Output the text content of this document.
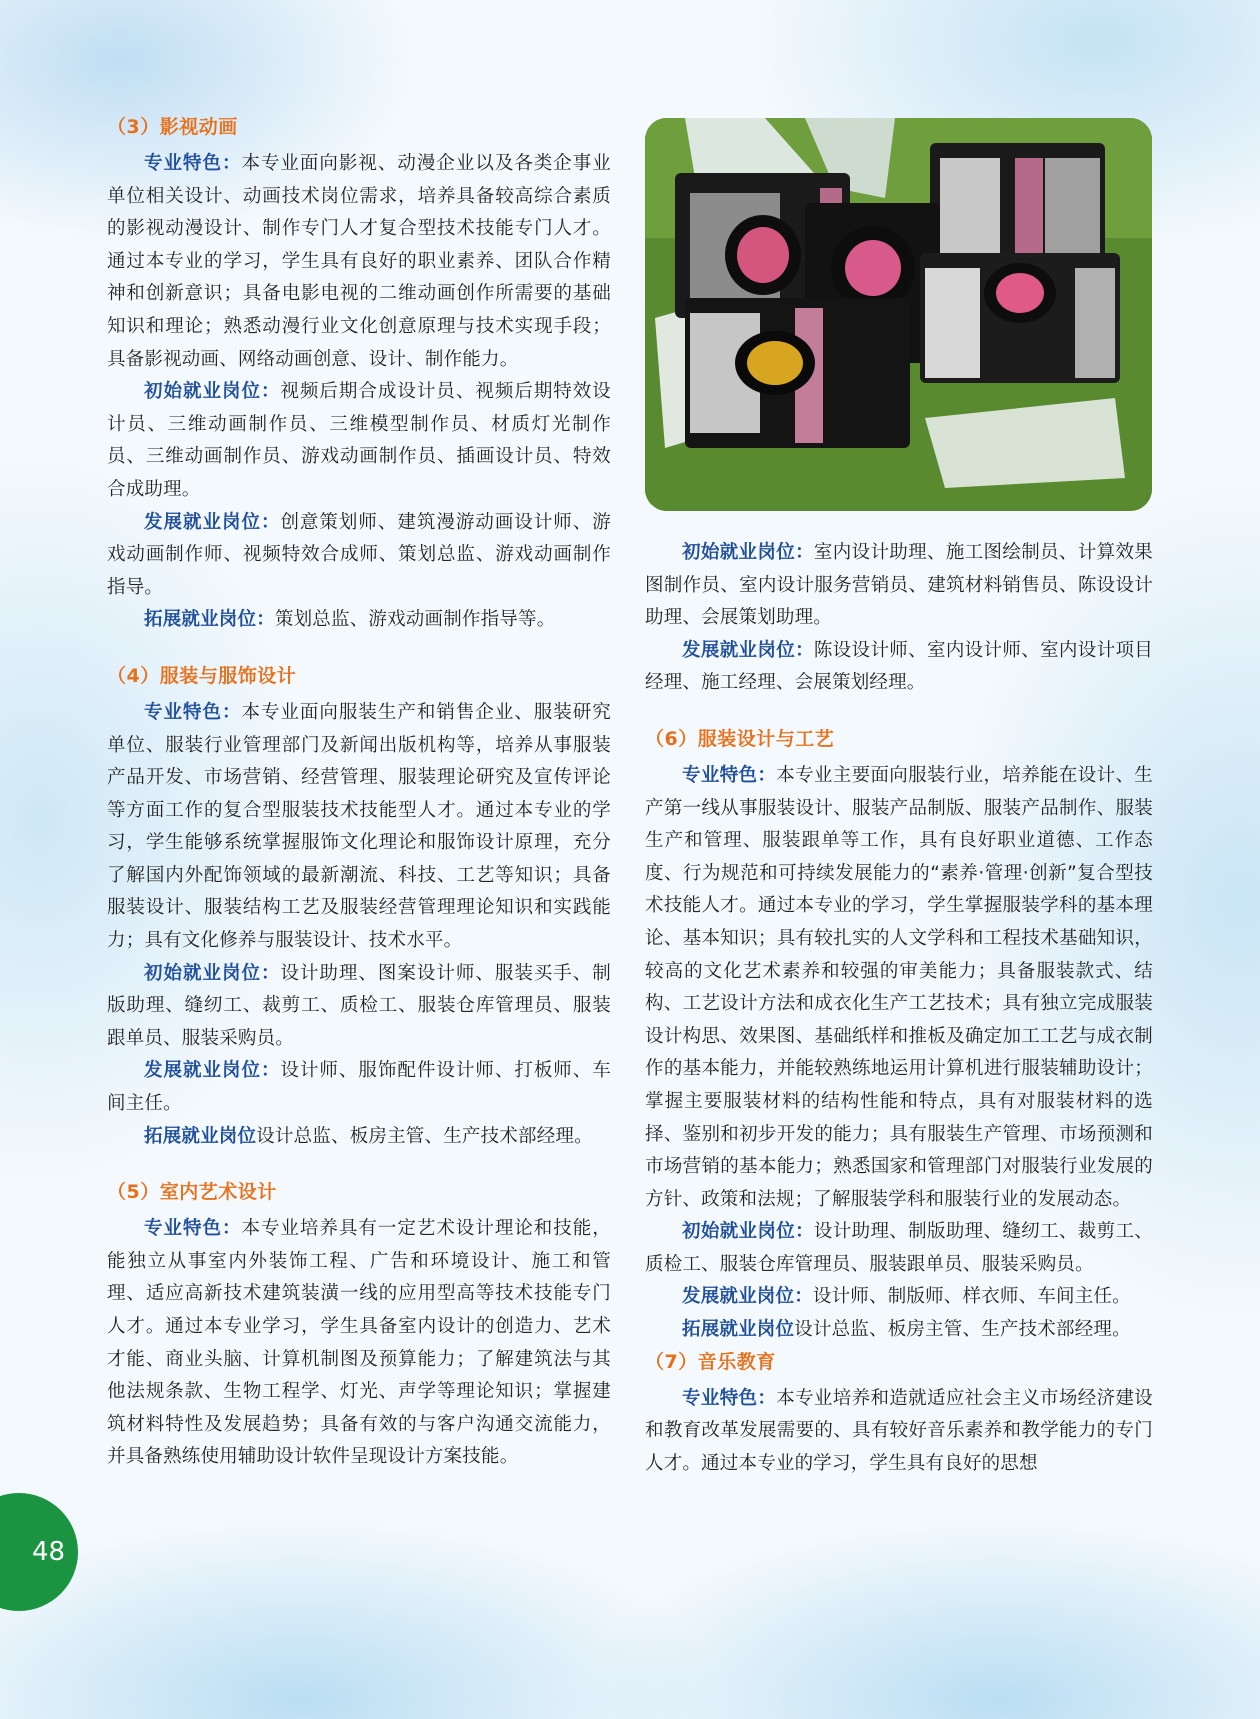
（3）影视动画

专业特色：本专业面向影视、动漫企业以及各类企事业单位相关设计、动画技术岗位需求，培养具备较高综合素质的影视动漫设计、制作专门人才复合型技术技能专门人才。通过本专业的学习，学生具有良好的职业素养、团队合作精神和创新意识；具备电影电视的二维动画创作所需要的基础知识和理论；熟悉动漫行业文化创意原理与技术实现手段；具备影视动画、网络动画创意、设计、制作能力。

初始就业岗位：视频后期合成设计员、视频后期特效设计员、三维动画制作员、三维模型制作员、材质灯光制作员、三维动画制作员、游戏动画制作员、插画设计员、特效合成助理。

发展就业岗位：创意策划师、建筑漫游动画设计师、游戏动画制作师、视频特效合成师、策划总监、游戏动画制作指导。

拓展就业岗位：策划总监、游戏动画制作指导等。

（4）服装与服饰设计

专业特色：本专业面向服装生产和销售企业、服装研究单位、服装行业管理部门及新闻出版机构等，培养从事服装产品开发、市场营销、经营管理、服装理论研究及宣传评论等方面工作的复合型服装技术技能型人才。通过本专业的学习，学生能够系统掌握服饰文化理论和服饰设计原理，充分了解国内外配饰领域的最新潮流、科技、工艺等知识；具备服装设计、服装结构工艺及服装经营管理理论知识和实践能力；具有文化修养与服装设计、技术水平。

初始就业岗位：设计助理、图案设计师、服装买手、制版助理、缝纫工、裁剪工、质检工、服装仓库管理员、服装跟单员、服装采购员。

发展就业岗位：设计师、服饰配件设计师、打板师、车间主任。

拓展就业岗位设计总监、板房主管、生产技术部经理。

（5）室内艺术设计

专业特色：本专业培养具有一定艺术设计理论和技能，能独立从事室内外装饰工程、广告和环境设计、施工和管理、适应高新技术建筑装潢一线的应用型高等技术技能专门人才。通过本专业学习，学生具备室内设计的创造力、艺术才能、商业头脑、计算机制图及预算能力；了解建筑法与其他法规条款、生物工程学、灯光、声学等理论知识；掌握建筑材料特性及发展趋势；具备有效的与客户沟通交流能力，并具备熟练使用辅助设计软件呈现设计方案技能。

初始就业岗位：室内设计助理、施工图绘制员、计算效果图制作员、室内设计服务营销员、建筑材料销售员、陈设设计助理、会展策划助理。

发展就业岗位：陈设设计师、室内设计师、室内设计项目经理、施工经理、会展策划经理。

（6）服装设计与工艺

专业特色：本专业主要面向服装行业，培养能在设计、生产第一线从事服装设计、服装产品制版、服装产品制作、服装生产和管理、服装跟单等工作，具有良好职业道德、工作态度、行为规范和可持续发展能力的“素养·管理·创新”复合型技术技能人才。通过本专业的学习，学生掌握服装学科的基本理论、基本知识；具有较扎实的人文学科和工程技术基础知识，较高的文化艺术素养和较强的审美能力；具备服装款式、结构、工艺设计方法和成衣化生产工艺技术；具有独立完成服装设计构思、效果图、基础纸样和推板及确定加工工艺与成衣制作的基本能力，并能较熟练地运用计算机进行服装辅助设计；掌握主要服装材料的结构性能和特点，具有对服装材料的选择、鉴别和初步开发的能力；具有服装生产管理、市场预测和市场营销的基本能力；熟悉国家和管理部门对服装行业发展的方针、政策和法规；了解服装学科和服装行业的发展动态。

初始就业岗位：设计助理、制版助理、缝纫工、裁剪工、质检工、服装仓库管理员、服装跟单员、服装采购员。

发展就业岗位：设计师、制版师、样衣师、车间主任。

拓展就业岗位设计总监、板房主管、生产技术部经理。

（7）音乐教育

专业特色：本专业培养和造就适应社会主义市场经济建设和教育改革发展需要的、具有较好音乐素养和教学能力的专门人才。通过本专业的学习，学生具有良好的思想

48
